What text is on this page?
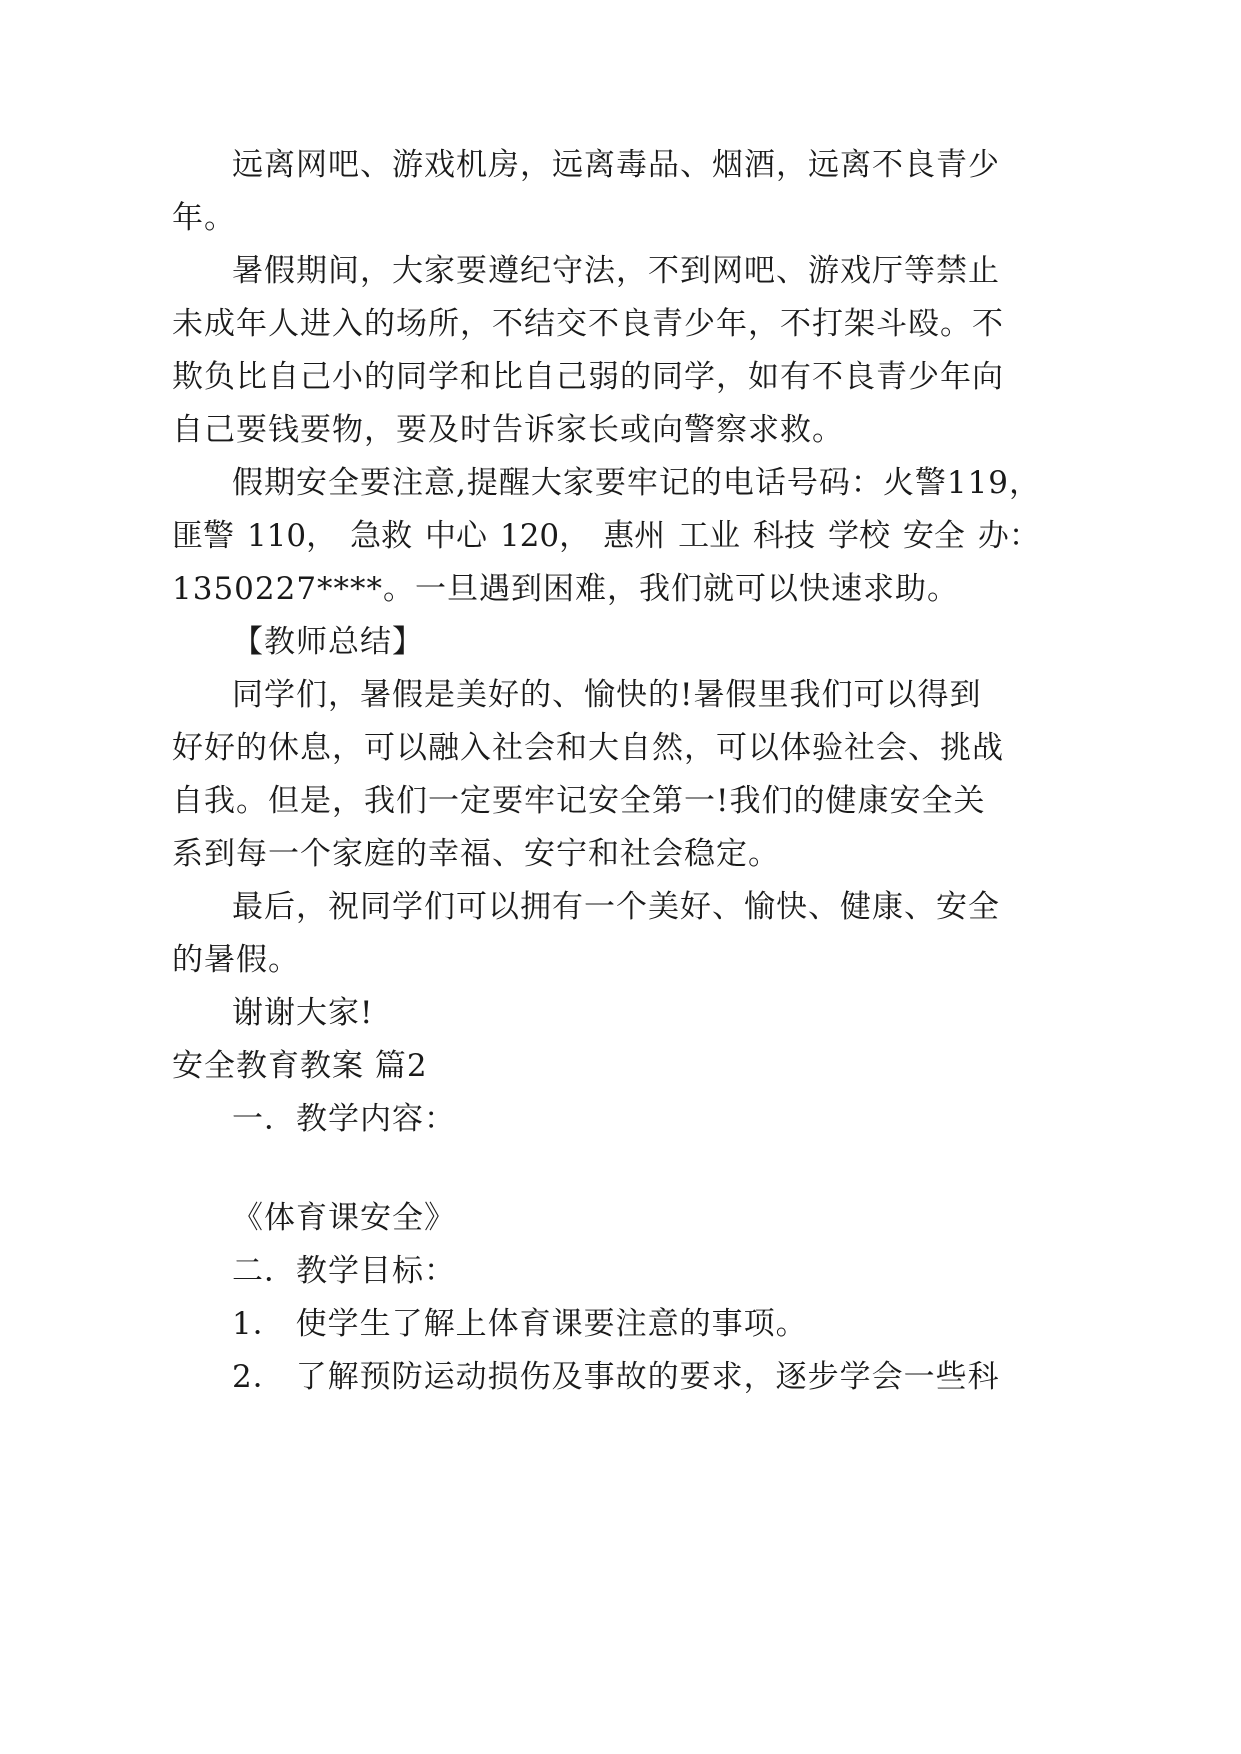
远离网吧、游戏机房，远离毒品、烟酒，远离不良青少
年。
暑假期间，大家要遵纪守法，不到网吧、游戏厅等禁止
未成年人进入的场所，不结交不良青少年，不打架斗殴。不
欺负比自己小的同学和比自己弱的同学，如有不良青少年向
自己要钱要物，要及时告诉家长或向警察求救。
假期安全要注意,提醒大家要牢记的电话号码：火警119，
匪警 110， 急救 中心 120， 惠州 工业 科技 学校 安全 办：
1350227****。一旦遇到困难，我们就可以快速求助。
【教师总结】
同学们，暑假是美好的、愉快的!暑假里我们可以得到
好好的休息，可以融入社会和大自然，可以体验社会、挑战
自我。但是，我们一定要牢记安全第一!我们的健康安全关
系到每一个家庭的幸福、安宁和社会稳定。
最后，祝同学们可以拥有一个美好、愉快、健康、安全
的暑假。
谢谢大家!
安全教育教案 篇2
一．教学内容：
《体育课安全》
二．教学目标：
1． 使学生了解上体育课要注意的事项。
2． 了解预防运动损伤及事故的要求，逐步学会一些科
